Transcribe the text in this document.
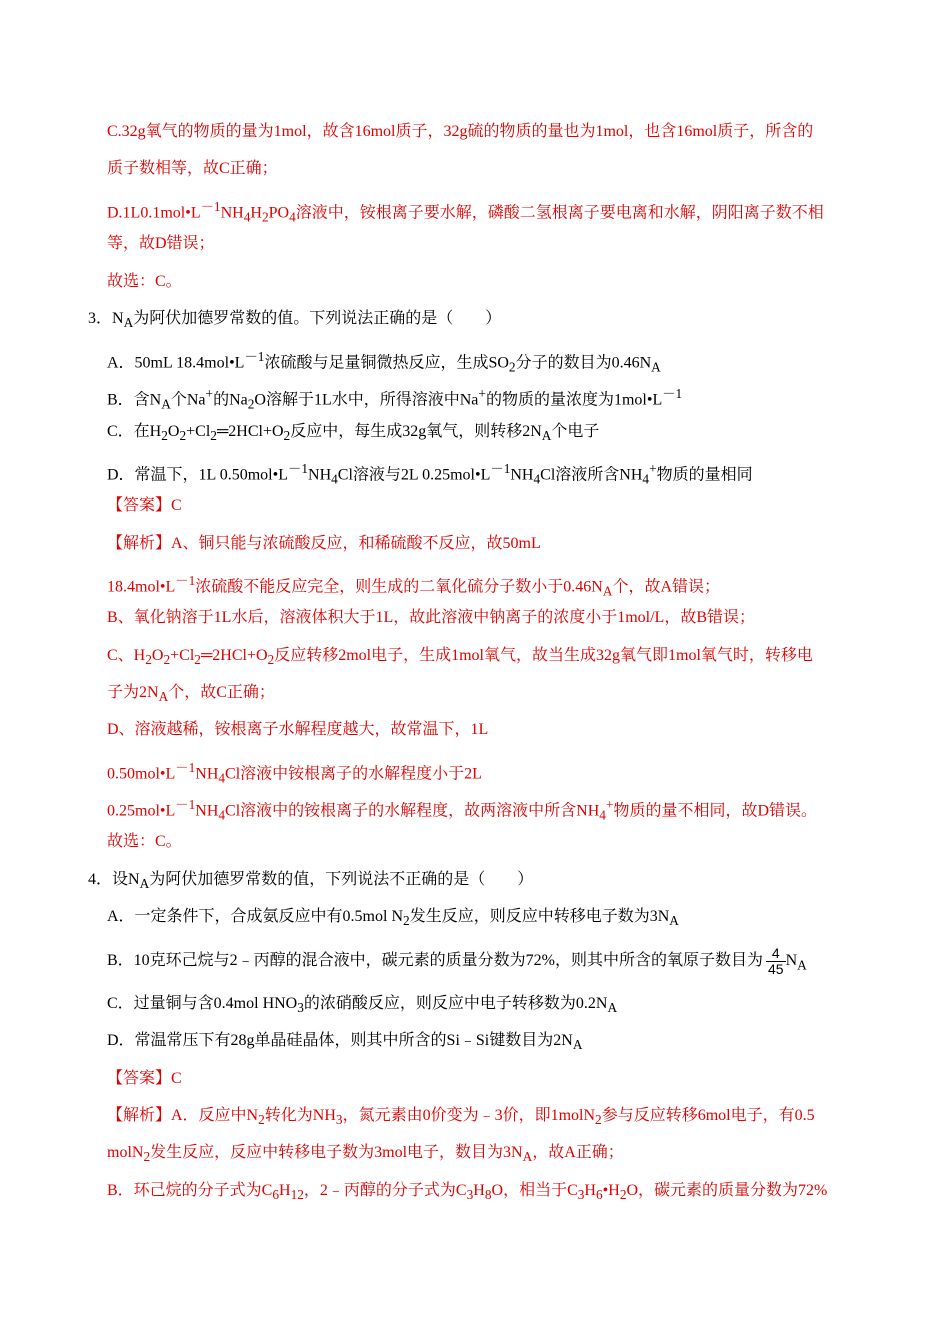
C.32g氧气的物质的量为1mol，故含16mol质子，32g硫的物质的量也为1mol，也含16mol质子，所含的
质子数相等，故C正确；
$D.1L0.1mol•L^{-1}NH_4H_2PO_4$溶液中，铵根离子要水解，磷酸二氢根离子要电离和水解，阴阳离子数不相
等，故D错误；
故选：C。
3．$N_A$为阿伏加德罗常数的值。下列说法正确的是（　　）
A．50mL $18.4mol•L^{-1}$浓硫酸与足量铜微热反应，生成$SO_2$分子的数目为$0.46N_A$
B．含$N_A$个Na+的$Na_2O$溶解于1L水中，所得溶液中Na+的物质的量浓度为$1mol•L^{-1}$
C．在$H_2O_2+Cl_2═2HCl+O_2$反应中，每生成32g氧气，则转移$2N_A$个电子
D．常温下，1L $0.50mol•L^{-1}NH_4Cl$溶液与2L $0.25mol•L^{-1}NH_4Cl$溶液所含$NH_4^+$物质的量相同
【答案】C
【解析】A、铜只能与浓硫酸反应，和稀硫酸不反应，故50mL
$18.4mol•L^{-1}$浓硫酸不能反应完全，则生成的二氧化硫分子数小于$0.46N_A$个，故A错误；
B、氧化钠溶于1L水后，溶液体积大于1L，故此溶液中钠离子的浓度小于1mol/L，故B错误；
C、$H_2O_2+Cl_2═2HCl+O_2$反应转移2mol电子，生成1mol氧气，故当生成32g氧气即1mol氧气时，转移电
子为$2N_A$个，故C正确；
D、溶液越稀，铵根离子水解程度越大，故常温下，1L
$0.50mol•L^{-1}NH_4Cl$溶液中铵根离子的水解程度小于2L
$0.25mol•L^{-1}NH_4Cl$溶液中的铵根离子的水解程度，故两溶液中所含$NH_4^+$物质的量不相同，故D错误。
故选：C。
4．设$N_A$为阿伏加德罗常数的值，下列说法不正确的是（　　）
A．一定条件下，合成氨反应中有0.5mol $N_2$发生反应，则反应中转移电子数为$3N_A$
B．10克环己烷与2﹣丙醇的混合液中，碳元素的质量分数为72%，则其中所含的氧原子数目为 $\frac{4}{45} N_A$
C．过量铜与含0.4mol $HNO_3$的浓硝酸反应，则反应中电子转移数为$0.2N_A$
D．常温常压下有28g单晶硅晶体，则其中所含的Si﹣Si键数目为$2N_A$
【答案】C
【解析】A．反应中$N_2$转化为$NH_3$，氮元素由0价变为﹣3价，即1molN$_2$参与反应转移6mol电子，有0.5
molN$_2$发生反应，反应中转移电子数为3mol电子，数目为$3N_A$，故A正确；
B．环己烷的分子式为$C_6H_{12}$，2﹣丙醇的分子式为$C_3H_8O$，相当于$C_3H_6•H_2O$，碳元素的质量分数为72%
